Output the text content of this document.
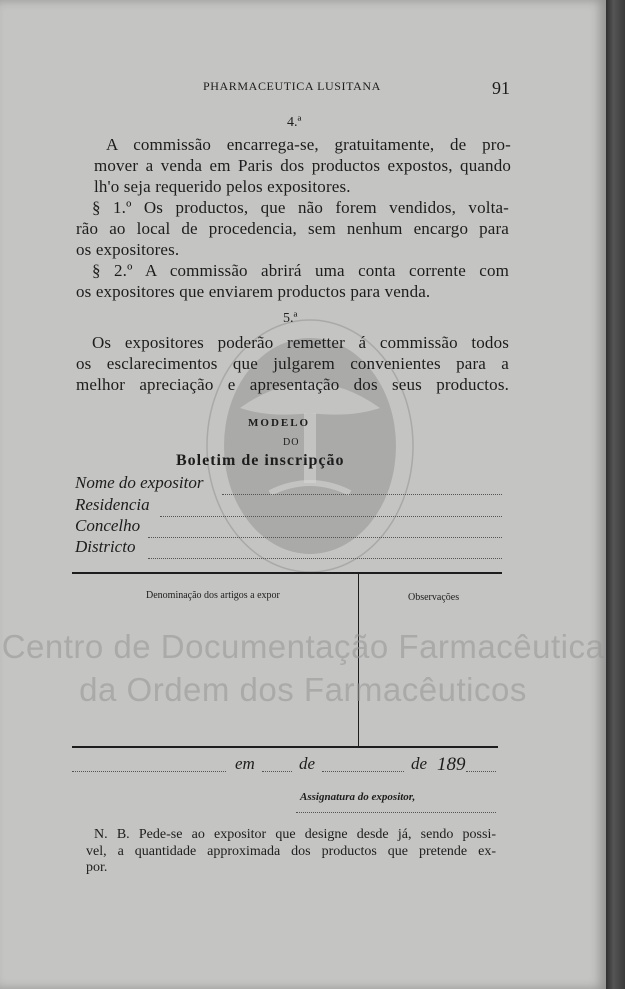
PHARMACEUTICA LUSITANA	91
4.ª
A commissão encarrega-se, gratuitamente, de pro-
mover a venda em Paris dos productos expostos, quando
lh'o seja requerido pelos expositores.
§ 1.º Os productos, que não forem vendidos, volta-
rão ao local de procedencia, sem nenhum encargo para
os expositores.
§ 2.º A commissão abrirá uma conta corrente com
os expositores que enviarem productos para venda.
5.ª
Os expositores poderão remetter á commissão todos
os esclarecimentos que julgarem convenientes para a
melhor apreciação e apresentação dos seus productos.
MODELO
DO
Boletim de inscripção
Nome do expositor
Residencia
Concelho
Districto
Denominação dos artigos a expor	Observações
em	de	de 189
Assignatura do expositor,
N. B. Pede-se ao expositor que designe desde já, sendo possi-
vel, a quantidade approximada dos productos que pretende ex-
por.
Centro de Documentação Farmacêutica
da Ordem dos Farmacêuticos
